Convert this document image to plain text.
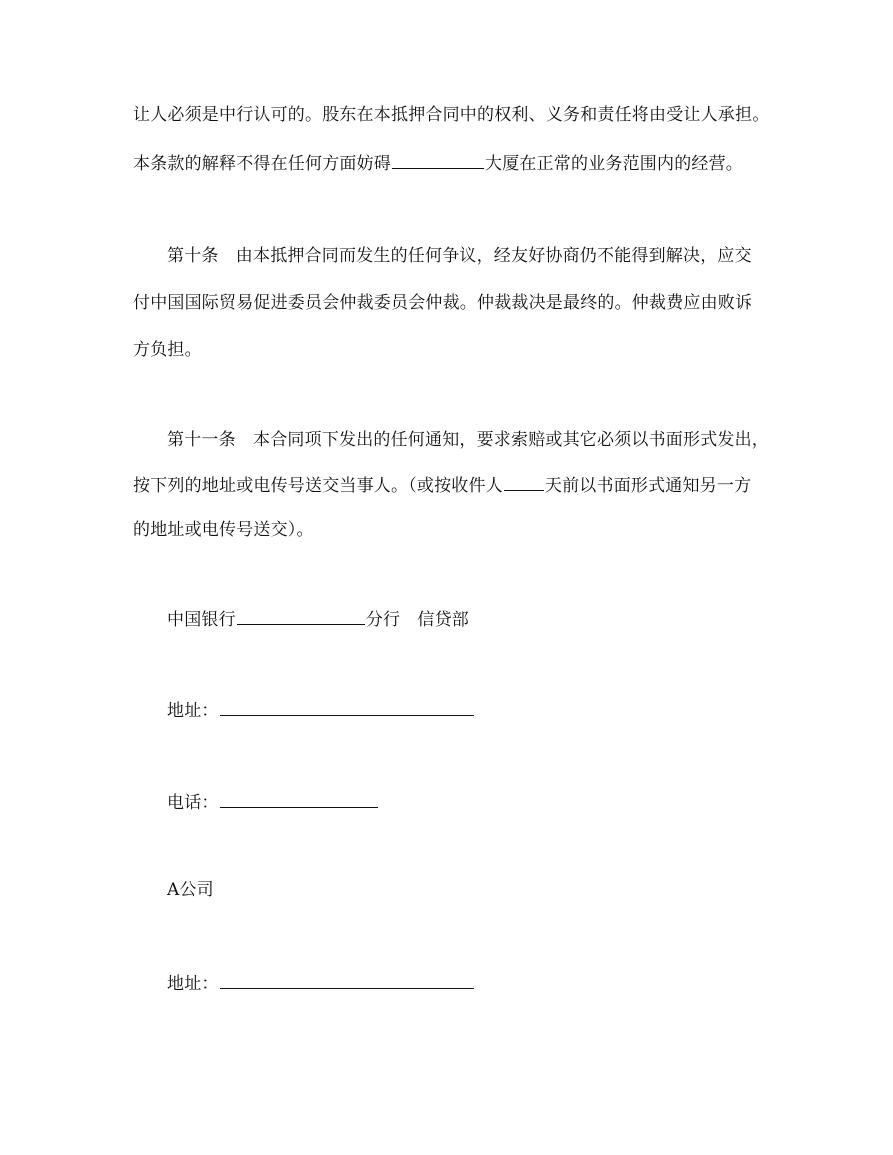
让人必须是中行认可的。股东在本抵押合同中的权利、义务和责任将由受让人承担。
本条款的解释不得在任何方面妨碍	大厦在正常的业务范围内的经营。
第十条　由本抵押合同而发生的任何争议，经友好协商仍不能得到解决，应交
付中国国际贸易促进委员会仲裁委员会仲裁。仲裁裁决是最终的。仲裁费应由败诉
方负担。
第十一条　本合同项下发出的任何通知，要求索赔或其它必须以书面形式发出，
按下列的地址或电传号送交当事人。（或按收件人 天前以书面形式通知另一方
的地址或电传号送交）。
中国银行	分行　信贷部
地址：
电话：
A公司
地址：
